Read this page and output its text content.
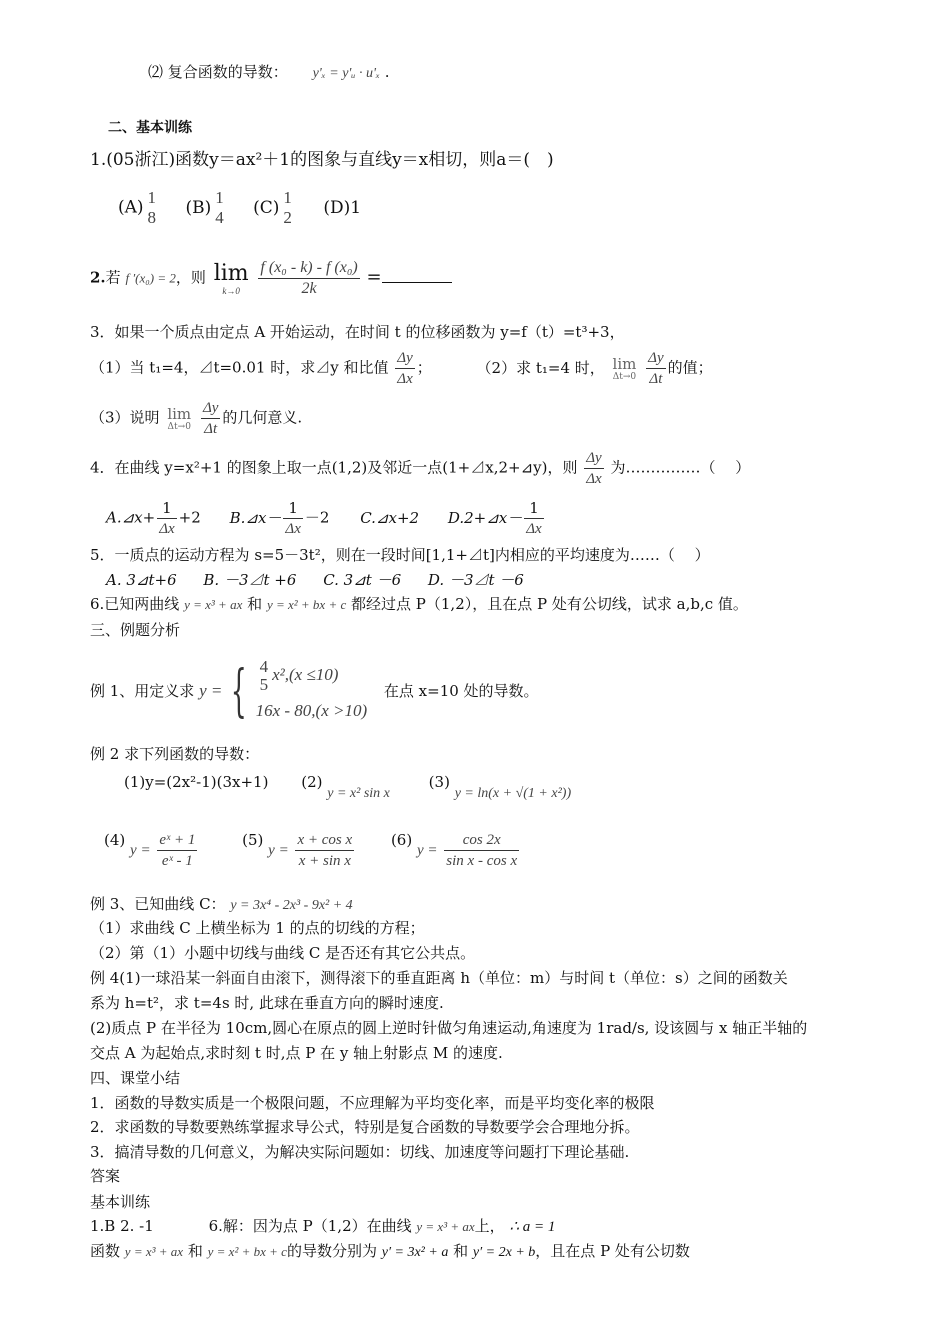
⑵ 复合函数的导数： y'ₓ = y'ᵤ · u'ₓ .
二、基本训练
1.(05浙江)函数y＝ax²＋1的图象与直线y＝x相切，则a＝(　)
(A) 1
8 (B) 1
4 (C) 1
2 (D)1
2.若 f ′(x₀) = 2，则 lim
k→0
	$\frac{\text{f (x₀ - k) - f (x₀)}}{2k}$ =
3．如果一个质点由定点 A 开始运动，在时间 t 的位移函数为 y=f（t）=t³+3，
（1）当 t₁=4，⊿t=0.01 时，求⊿y 和比值 $\frac{\Delta y}{\Delta x}$ ；	（2）求 t₁=4 时， lim
Δt→0
$\frac{\Delta y}{\Delta t}$ 的值；
（3）说明 lim
Δt→0
$\frac{\Delta y}{\Delta t}$ 的几何意义.
4．在曲线 y=x²+1 的图象上取一点(1,2)及邻近一点(1+⊿x,2+⊿y)，则 $\frac{\Delta y}{\Delta x}$ 为……………（　 ）
A.⊿x+ $\frac{1}{\Delta x} +2$ B.⊿x－ $\frac{1}{\Delta x} -2$ C.⊿x+2 D.2+⊿x－ $\frac{1}{\Delta x}$
5．一质点的运动方程为 s=5－3t²，则在一段时间[1,1+⊿t]内相应的平均速度为……（　 ）
A. 3⊿t+6 B. －3⊿t +6 C. 3⊿t －6 D. －3⊿t －6
6.已知两曲线 y = x³ + ax 和 y = x² + bx + c 都经过点 P（1,2），且在点 P 处有公切线，试求 a,b,c 值。
三、例题分析
例 1、用定义求 y = { 4
5
x²,(x ≤10)
16x - 80,(x >10)
在点 x=10 处的导数。
例 2 求下列函数的导数：
(1)y=(2x²-1)(3x+1) (2) y = x² sin x (3) y = ln(x + √(1 + x²))
(4) $y = \frac{\text{eˣ + 1}}{\text{eˣ - 1}}$	(5) $y = \frac{\text{x + cos x}}{\text{x + sin x}} (6) y = \frac{\cos 2x}{\text{sin x - cos x}}$
例 3、已知曲线 C： y = 3x⁴ - 2x³ - 9x² + 4
（1）求曲线 C 上横坐标为 1 的点的切线的方程；
（2）第（1）小题中切线与曲线 C 是否还有其它公共点。
例 4(1)一球沿某一斜面自由滚下，测得滚下的垂直距离 h（单位：m）与时间 t（单位：s）之间的函数关
系为 h=t²，求 t=4s 时, 此球在垂直方向的瞬时速度.
(2)质点 P 在半径为 10cm,圆心在原点的圆上逆时针做匀角速运动,角速度为 1rad/s, 设该圆与 x 轴正半轴的
交点 A 为起始点,求时刻 t 时,点 P 在 y 轴上射影点 M 的速度.
四、课堂小结
1．函数的导数实质是一个极限问题，不应理解为平均变化率，而是平均变化率的极限
2．求函数的导数要熟练掌握求导公式，特别是复合函数的导数要学会合理地分拆。
3．搞清导数的几何意义，为解决实际问题如：切线、加速度等问题打下理论基础.
答案
基本训练
1.B 2. -1	6.解：因为点 P（1,2）在曲线 y = x³ + ax上， ∴ a = 1
函数 y = x³ + ax 和 y = x² + bx + c的导数分别为 y′ = 3x² + a 和 y′ = 2x + b，且在点 P 处有公切数
